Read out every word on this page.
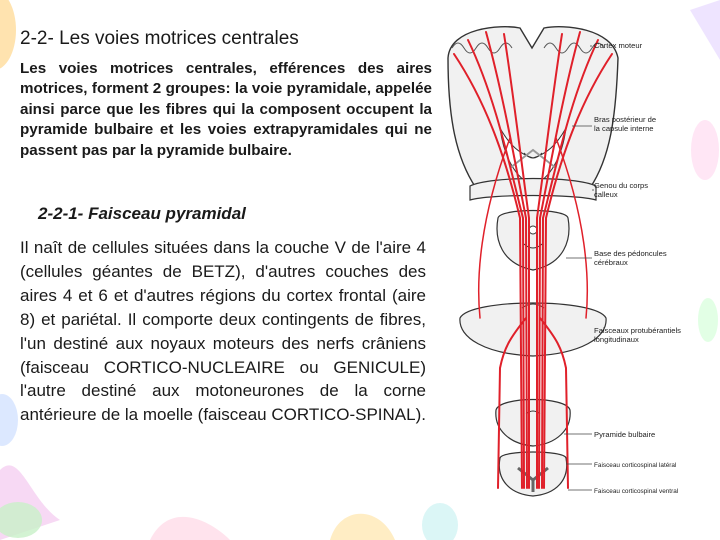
2-2- Les voies motrices centrales
Les voies motrices centrales, efférences des aires motrices, forment 2 groupes: la voie pyramidale, appelée ainsi parce que les fibres qui la composent occupent la pyramide bulbaire et les voies extrapyramidales qui ne passent pas par la pyramide bulbaire.
2-2-1- Faisceau pyramidal
Il naît de cellules situées dans la couche V de l'aire 4 (cellules géantes de BETZ), d'autres couches des aires 4 et 6 et d'autres régions du cortex frontal (aire 8) et pariétal. Il comporte deux contingents de fibres, l'un destiné aux noyaux moteurs des nerfs crâniens (faisceau CORTICO-NUCLEAIRE ou GENICULE) l'autre destiné aux motoneurones de la corne antérieure de la moelle (faisceau CORTICO-SPINAL).
Cortex moteur
Bras postérieur de
la capsule interne
Genou du corps
calleux
Base des pédoncules
cérébraux
Faisceaux protubérantiels
longitudinaux
Pyramide bulbaire
Faisceau corticospinal latéral
Faisceau corticospinal ventral
